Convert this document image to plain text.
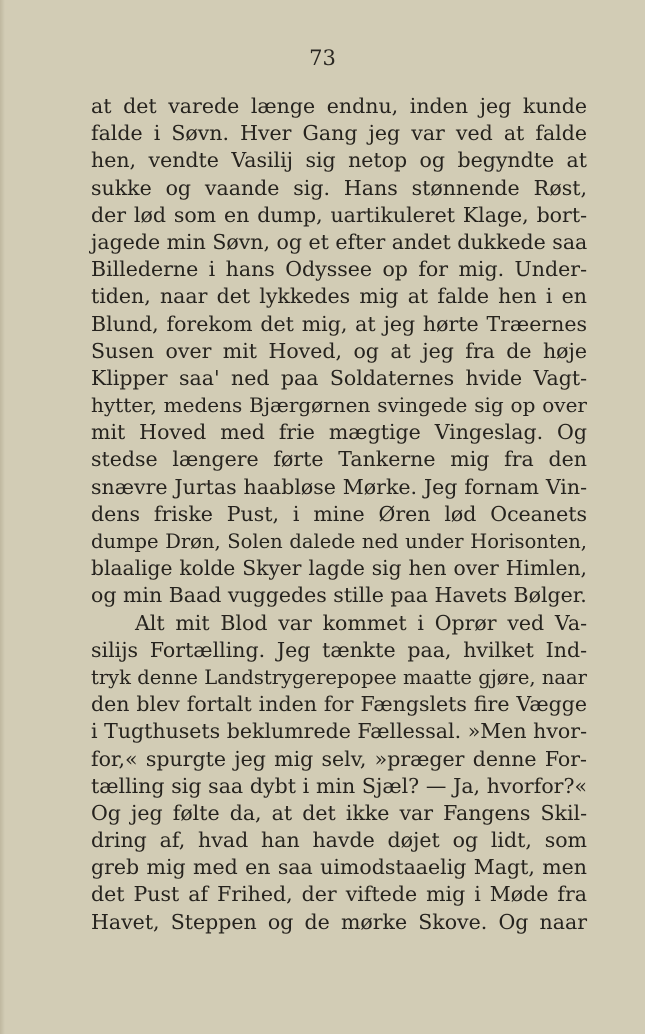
73
at det varede længe endnu, inden jeg kunde
falde i Søvn. Hver Gang jeg var ved at falde
hen, vendte Vasilij sig netop og begyndte at
sukke og vaande sig. Hans stønnende Røst,
der lød som en dump, uartikuleret Klage, bort-
jagede min Søvn, og et efter andet dukkede saa
Billederne i hans Odyssee op for mig. Under-
tiden, naar det lykkedes mig at falde hen i en
Blund, forekom det mig, at jeg hørte Træernes
Susen over mit Hoved, og at jeg fra de høje
Klipper saa' ned paa Soldaternes hvide Vagt-
hytter, medens Bjærgørnen svingede sig op over
mit Hoved med frie mægtige Vingeslag. Og
stedse længere førte Tankerne mig fra den
snævre Jurtas haabløse Mørke. Jeg fornam Vin-
dens friske Pust, i mine Øren lød Oceanets
dumpe Drøn, Solen dalede ned under Horisonten,
blaalige kolde Skyer lagde sig hen over Himlen,
og min Baad vuggedes stille paa Havets Bølger.
Alt mit Blod var kommet i Oprør ved Va-
silijs Fortælling. Jeg tænkte paa, hvilket Ind-
tryk denne Landstrygerepopee maatte gjøre, naar
den blev fortalt inden for Fængslets fire Vægge
i Tugthusets beklumrede Fællessal. »Men hvor-
for,« spurgte jeg mig selv, »præger denne For-
tælling sig saa dybt i min Sjæl? — Ja, hvorfor?«
Og jeg følte da, at det ikke var Fangens Skil-
dring af, hvad han havde døjet og lidt, som
greb mig med en saa uimodstaaelig Magt, men
det Pust af Frihed, der viftede mig i Møde fra
Havet, Steppen og de mørke Skove. Og naar
